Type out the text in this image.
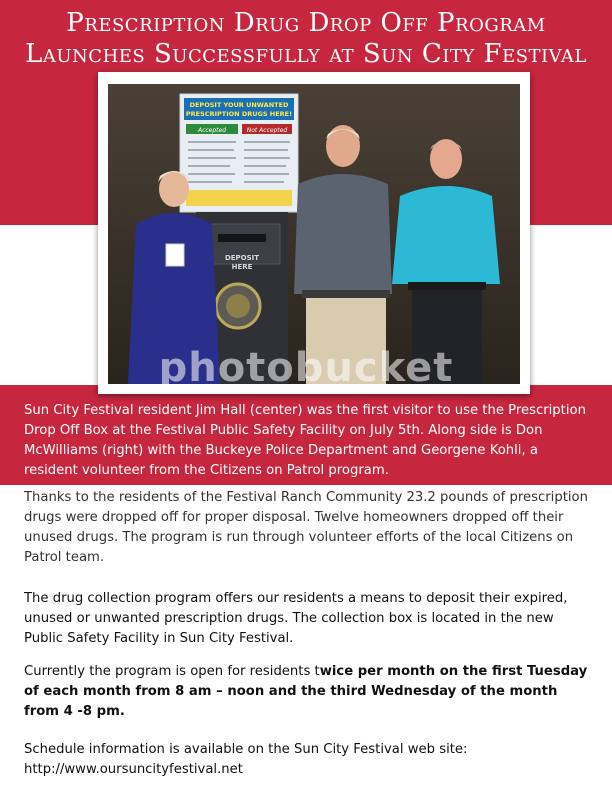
Prescription Drug Drop Off Program
Launches Successfully at Sun City Festival
DEPOSIT YOUR UNWANTED
PRESCRIPTION DRUGS HERE!
Accepted	Not Accepted
DEPOSIT
HERE
photobucket
Sun City Festival resident Jim Hall (center) was the first visitor to use the Prescription Drop Off Box at the Festival Public Safety Facility on July 5th. Along side is Don McWilliams (right) with the Buckeye Police Department and Georgene Kohli, a resident volunteer from the Citizens on Patrol program.

Thanks to the residents of the Festival Ranch Community 23.2 pounds of prescription drugs were dropped off for proper disposal. Twelve homeowners dropped off their unused drugs. The program is run through volunteer efforts of the local Citizens on Patrol team.

The drug collection program offers our residents a means to deposit their expired, unused or unwanted prescription drugs. The collection box is located in the new Public Safety Facility in Sun City Festival.

Currently the program is open for residents twice per month on the first Tuesday of each month from 8 am – noon and the third Wednesday of the month from 4 -8 pm.

Schedule information is available on the Sun City Festival web site:
http://www.oursuncityfestival.net
